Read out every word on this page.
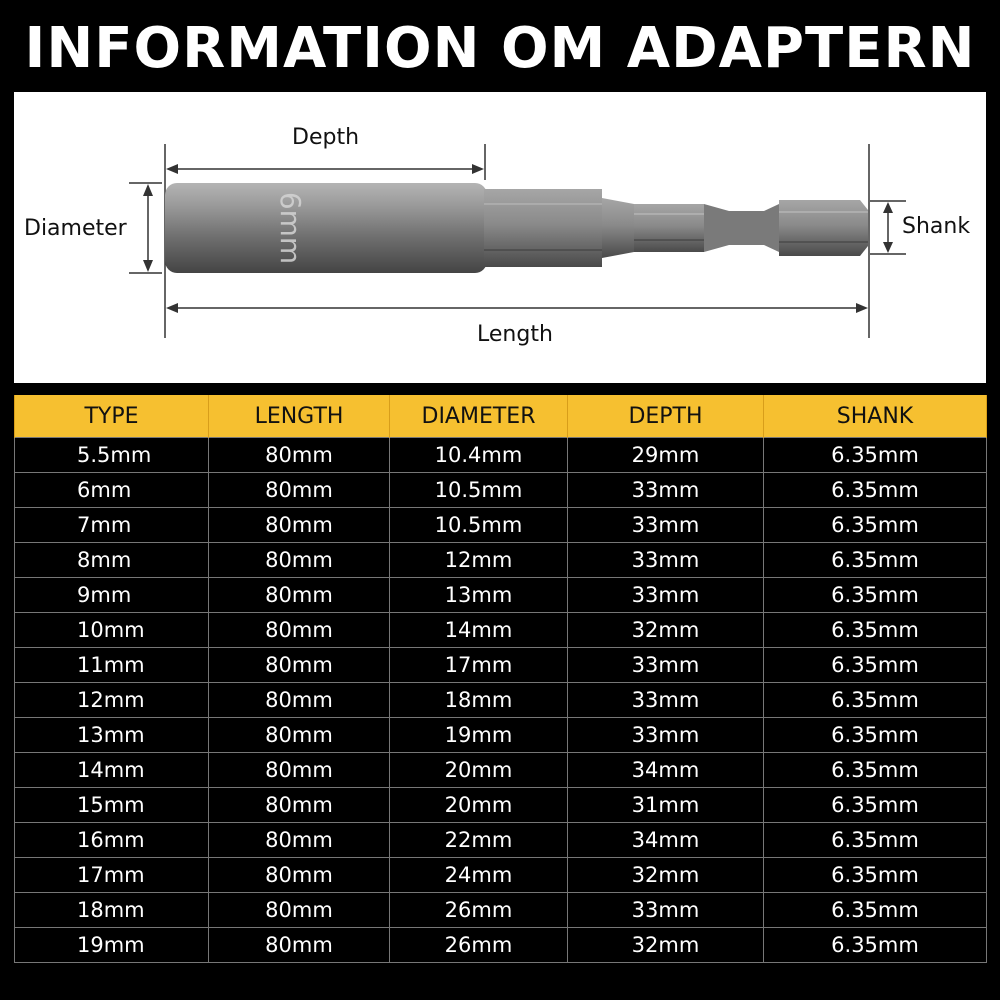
INFORMATION OM ADAPTERN
Depth
Diameter	Shank
Length
6mm
TYPE	LENGTH	DIAMETER	DEPTH	SHANK
5.5mm	80mm	10.4mm	29mm	6.35mm
6mm	80mm	10.5mm	33mm	6.35mm
7mm	80mm	10.5mm	33mm	6.35mm
8mm	80mm	12mm	33mm	6.35mm
9mm	80mm	13mm	33mm	6.35mm
10mm	80mm	14mm	32mm	6.35mm
11mm	80mm	17mm	33mm	6.35mm
12mm	80mm	18mm	33mm	6.35mm
13mm	80mm	19mm	33mm	6.35mm
14mm	80mm	20mm	34mm	6.35mm
15mm	80mm	20mm	31mm	6.35mm
16mm	80mm	22mm	34mm	6.35mm
17mm	80mm	24mm	32mm	6.35mm
18mm	80mm	26mm	33mm	6.35mm
19mm	80mm	26mm	32mm	6.35mm
